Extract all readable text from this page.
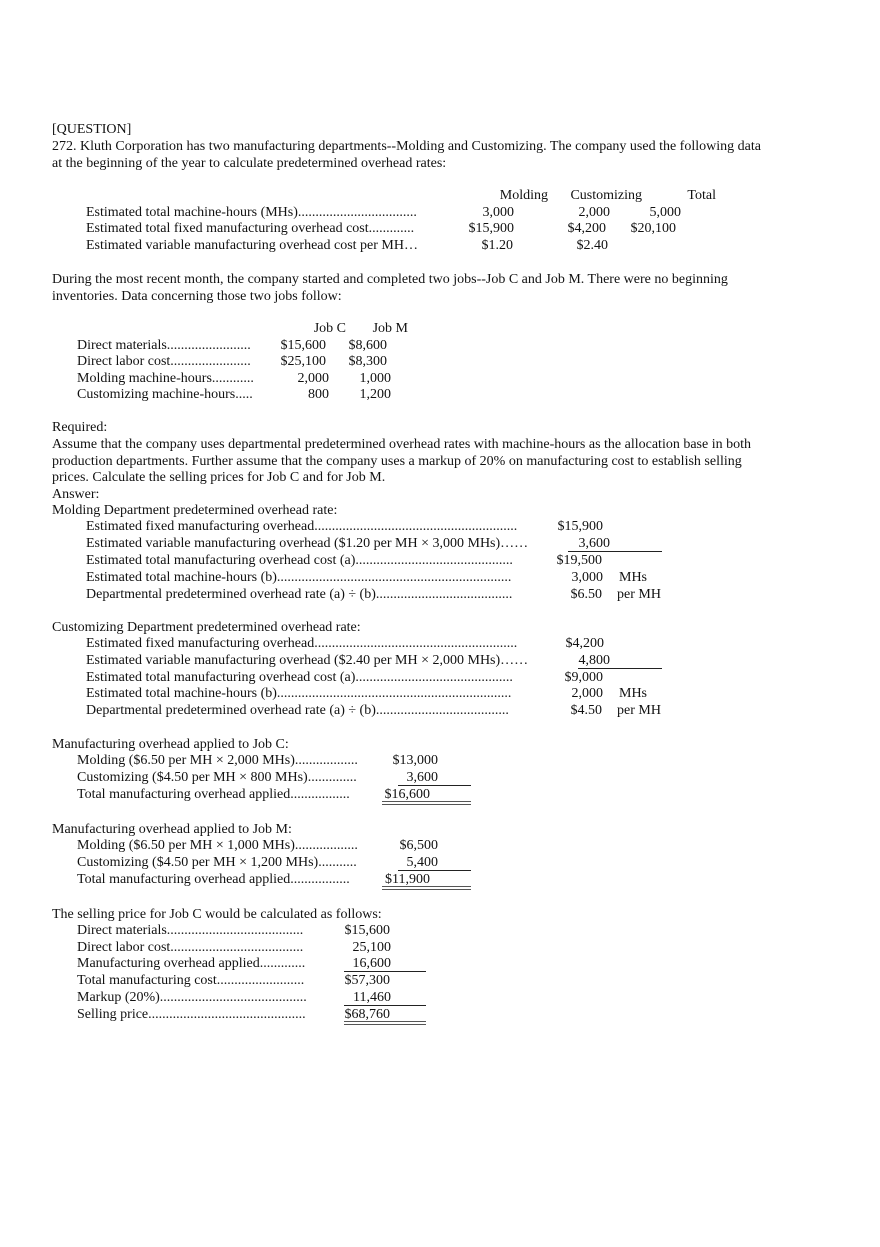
[QUESTION]
272. Kluth Corporation has two manufacturing departments--Molding and Customizing. The company used the following data at the beginning of the year to calculate predetermined overhead rates:
Molding	Customizing	Total
Estimated total machine-hours (MHs)..................................	3,000	2,000	5,000
Estimated total fixed manufacturing overhead cost.............	$15,900	$4,200	$20,100
Estimated variable manufacturing overhead cost per MH…	$1.20	$2.40
During the most recent month, the company started and completed two jobs--Job C and Job M. There were no beginning inventories. Data concerning those two jobs follow:
Job C	Job M
Direct materials........................	$15,600	$8,600
Direct labor cost.......................	$25,100	$8,300
Molding machine-hours............	2,000	1,000
Customizing machine-hours.....	800	1,200
Required:
Assume that the company uses departmental predetermined overhead rates with machine-hours as the allocation base in both production departments. Further assume that the company uses a markup of 20% on manufacturing cost to establish selling prices. Calculate the selling prices for Job C and for Job M.
Answer:
Molding Department predetermined overhead rate:
Estimated fixed manufacturing overhead..........................................................	$15,900
Estimated variable manufacturing overhead ($1.20 per MH × 3,000 MHs)……	3,600
Estimated total manufacturing overhead cost (a).............................................	$19,500
Estimated total machine-hours (b)...................................................................	3,000 MHs
Departmental predetermined overhead rate (a) ÷ (b).......................................	$6.50 per MH
Customizing Department predetermined overhead rate:
Estimated fixed manufacturing overhead..........................................................	$4,200
Estimated variable manufacturing overhead ($2.40 per MH × 2,000 MHs)……	4,800
Estimated total manufacturing overhead cost (a).............................................	$9,000
Estimated total machine-hours (b)...................................................................	2,000 MHs
Departmental predetermined overhead rate (a) ÷ (b)......................................	$4.50 per MH
Manufacturing overhead applied to Job C:
Molding ($6.50 per MH × 2,000 MHs)..................	$13,000
Customizing ($4.50 per MH × 800 MHs)..............	3,600
Total manufacturing overhead applied.................	$16,600
Manufacturing overhead applied to Job M:
Molding ($6.50 per MH × 1,000 MHs)..................	$6,500
Customizing ($4.50 per MH × 1,200 MHs)...........	5,400
Total manufacturing overhead applied.................	$11,900
The selling price for Job C would be calculated as follows:
Direct materials.......................................	$15,600
Direct labor cost......................................	25,100
Manufacturing overhead applied.............	16,600
Total manufacturing cost.........................	$57,300
Markup (20%)..........................................	11,460
Selling price.............................................	$68,760
